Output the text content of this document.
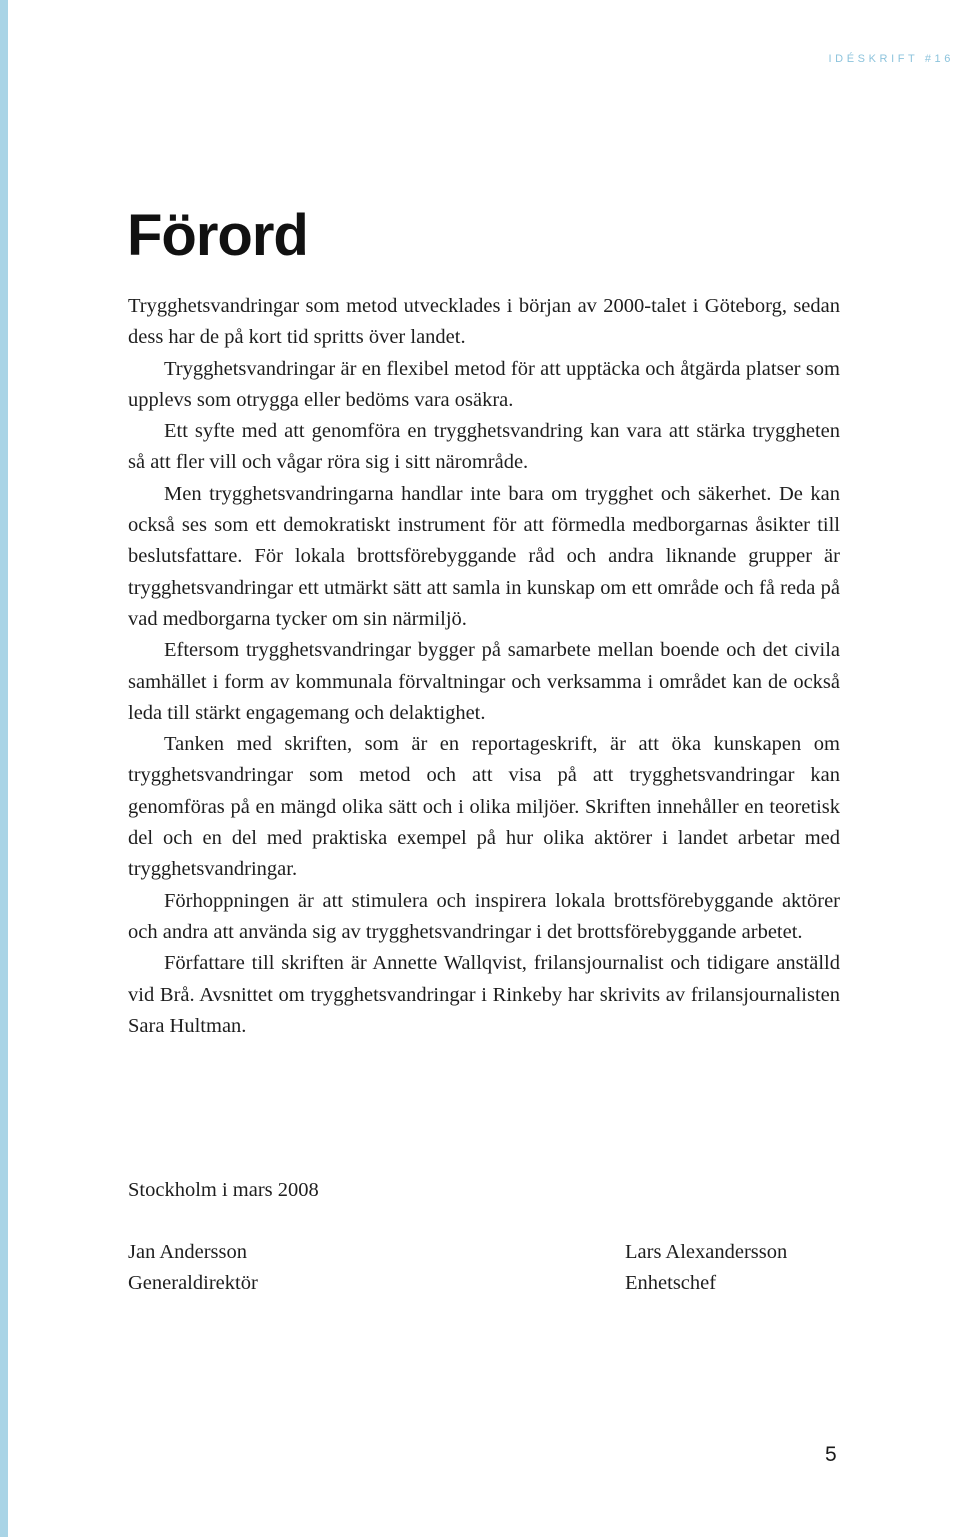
IDÉSKRIFT #16
Förord

Trygghetsvandringar som metod utvecklades i början av 2000-talet i Göteborg, sedan dess har de på kort tid spritts över landet.

Trygghetsvandringar är en flexibel metod för att upptäcka och åtgärda platser som upplevs som otrygga eller bedöms vara osäkra.

Ett syfte med att genomföra en trygghetsvandring kan vara att stärka tryggheten så att fler vill och vågar röra sig i sitt närområde.

Men trygghetsvandringarna handlar inte bara om trygghet och säkerhet. De kan också ses som ett demokratiskt instrument för att förmedla medborgarnas åsikter till beslutsfattare. För lokala brottsförebyggande råd och andra liknande grupper är trygghetsvandringar ett utmärkt sätt att samla in kunskap om ett område och få reda på vad medborgarna tycker om sin närmiljö.

Eftersom trygghetsvandringar bygger på samarbete mellan boende och det civila samhället i form av kommunala förvaltningar och verksamma i området kan de också leda till stärkt engagemang och delaktighet.

Tanken med skriften, som är en reportageskrift, är att öka kunskapen om trygghetsvandringar som metod och att visa på att trygghetsvandringar kan genomföras på en mängd olika sätt och i olika miljöer. Skriften innehåller en teoretisk del och en del med praktiska exempel på hur olika aktörer i landet arbetar med trygghetsvandringar.

Förhoppningen är att stimulera och inspirera lokala brottsförebyggande aktörer och andra att använda sig av trygghetsvandringar i det brottsförebyggande arbetet.

Författare till skriften är Annette Wallqvist, frilansjournalist och tidigare anställd vid Brå. Avsnittet om trygghetsvandringar i Rinkeby har skrivits av frilansjournalisten Sara Hultman.

Stockholm i mars 2008
Jan Andersson
Generaldirektör
Lars Alexandersson
Enhetschef
5
